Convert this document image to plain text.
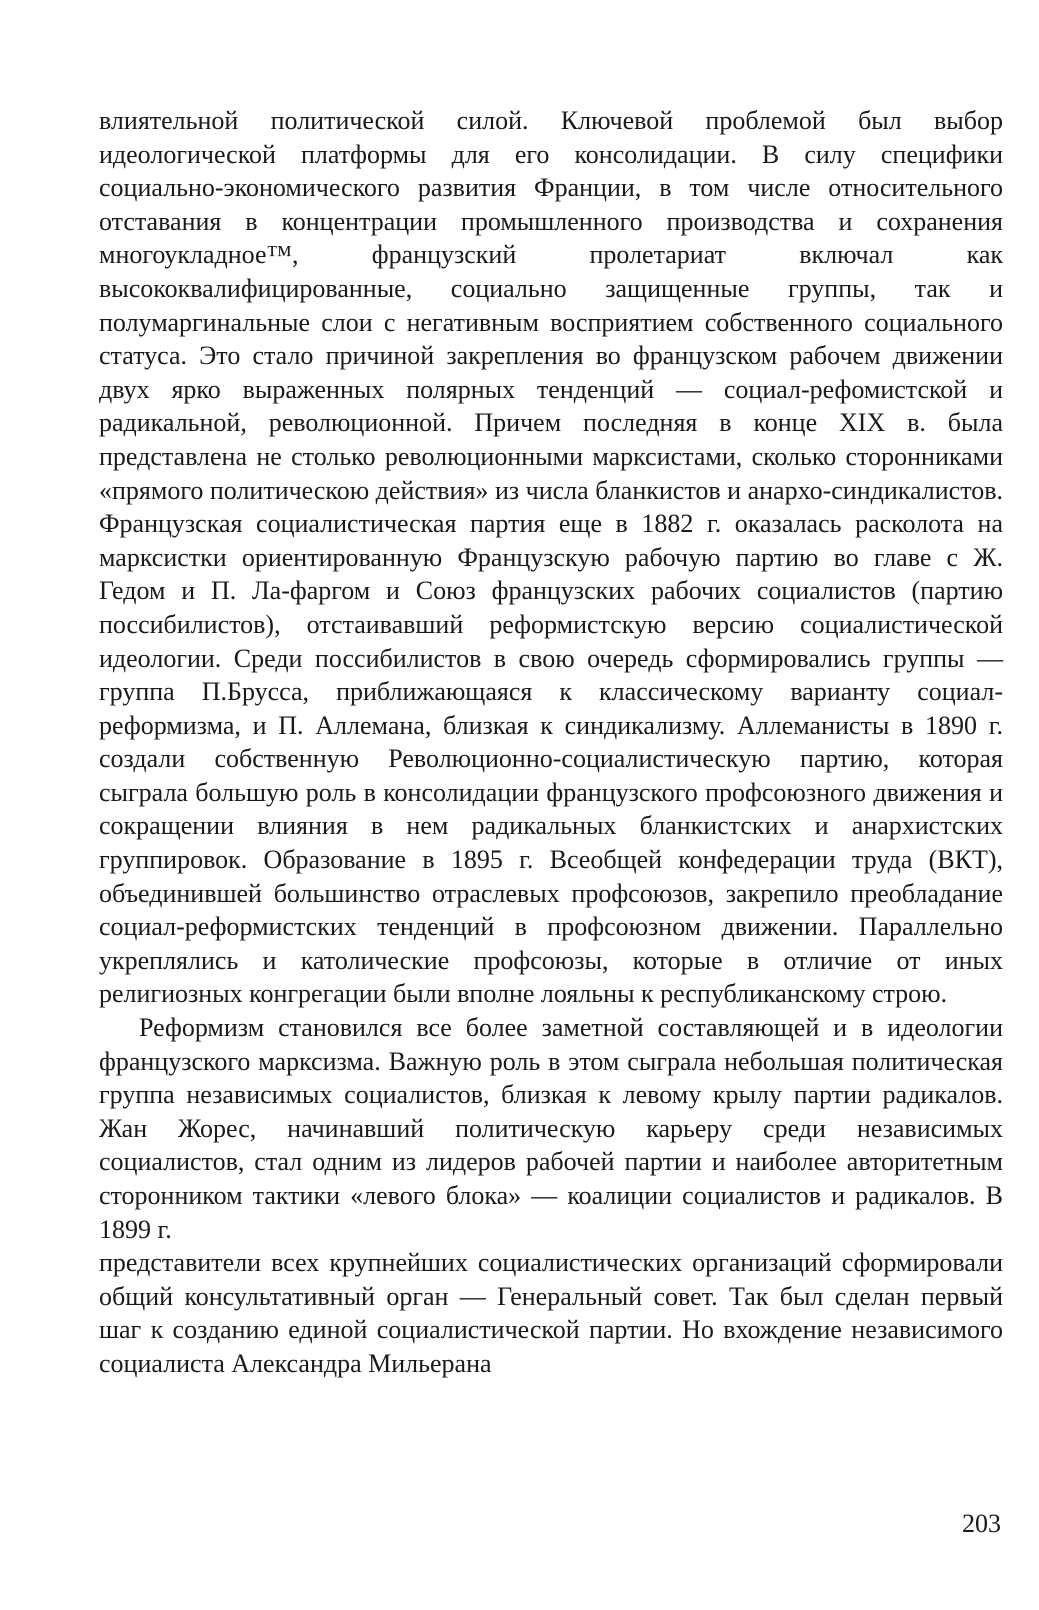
влиятельной политической силой. Ключевой проблемой был выбор идеологической платформы для его консолидации. В силу специфики социально-экономического развития Франции, в том числе относительного отставания в концентрации промышленного производства и сохранения многоукладное™, французский пролетариат включал как высококвалифицированные, социально защищенные группы, так и полумаргинальные слои с негативным восприятием собственного социального статуса. Это стало причиной закрепления во французском рабочем движении двух ярко выраженных полярных тенденций — социал-рефомистской и радикальной, революционной. Причем последняя в конце XIX в. была представлена не столько революционными марксистами, сколько сторонниками «прямого политическою действия» из числа бланкистов и анархо-синдикалистов. Французская социалистическая партия еще в 1882 г. оказалась расколота на марксистки ориентированную Французскую рабочую партию во главе с Ж. Гедом и П. Ла-фаргом и Союз французских рабочих социалистов (партию поссибилистов), отстаивавший реформистскую версию социалистической идеологии. Среди поссибилистов в свою очередь сформировались группы — группа П.Брусса, приближающаяся к классическому варианту социал-реформизма, и П. Аллемана, близкая к синдикализму. Аллеманисты в 1890 г. создали собственную Революционно-социалистическую партию, которая сыграла большую роль в консолидации французского профсоюзного движения и сокращении влияния в нем радикальных бланкистских и анархистских группировок. Образование в 1895 г. Всеобщей конфедерации труда (ВКТ), объединившей большинство отраслевых профсоюзов, закрепило преобладание социал-реформистских тенденций в профсоюзном движении. Параллельно укреплялись и католические профсоюзы, которые в отличие от иных религиозных конгрегации были вполне лояльны к республиканскому строю.

Реформизм становился все более заметной составляющей и в идеологии французского марксизма. Важную роль в этом сыграла небольшая политическая группа независимых социалистов, близкая к левому крылу партии радикалов. Жан Жорес, начинавший политическую карьеру среди независимых социалистов, стал одним из лидеров рабочей партии и наиболее авторитетным сторонником тактики «левого блока» — коалиции социалистов и радикалов. В 1899 г.

представители всех крупнейших социалистических организаций сформировали общий консультативный орган — Генеральный совет. Так был сделан первый шаг к созданию единой социалистической партии. Но вхождение независимого социалиста Александра Мильерана

203
